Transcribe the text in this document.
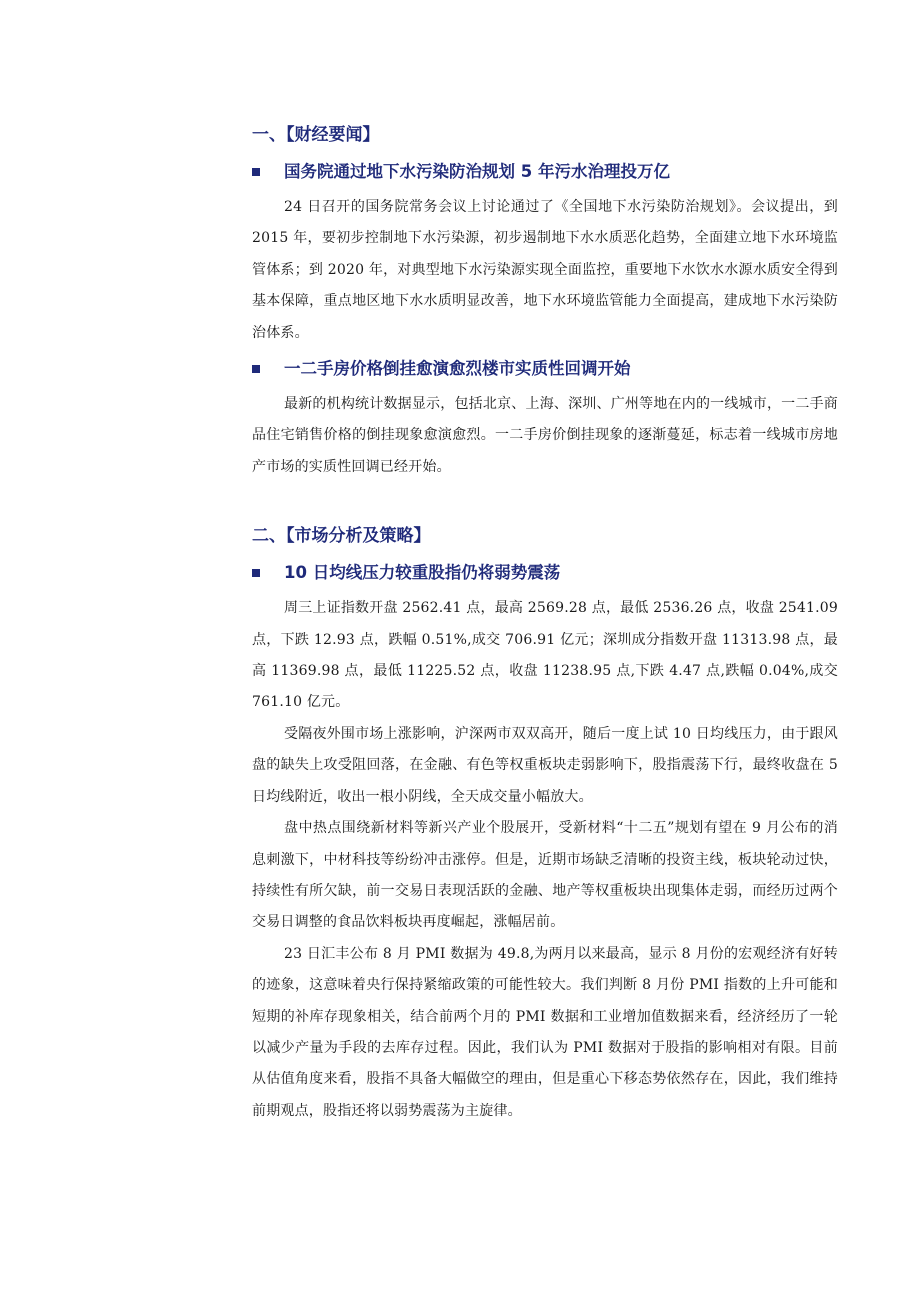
一、【财经要闻】
国务院通过地下水污染防治规划 5 年污水治理投万亿

24 日召开的国务院常务会议上讨论通过了《全国地下水污染防治规划》。会议提出，到 2015 年，要初步控制地下水污染源，初步遏制地下水水质恶化趋势，全面建立地下水环境监管体系；到 2020 年，对典型地下水污染源实现全面监控，重要地下水饮水水源水质安全得到基本保障，重点地区地下水水质明显改善，地下水环境监管能力全面提高，建成地下水污染防治体系。

一二手房价格倒挂愈演愈烈楼市实质性回调开始

最新的机构统计数据显示，包括北京、上海、深圳、广州等地在内的一线城市，一二手商品住宅销售价格的倒挂现象愈演愈烈。一二手房价倒挂现象的逐渐蔓延，标志着一线城市房地产市场的实质性回调已经开始。

二、【市场分析及策略】
10 日均线压力较重股指仍将弱势震荡

周三上证指数开盘 2562.41 点，最高 2569.28 点，最低 2536.26 点，收盘 2541.09 点，下跌 12.93 点，跌幅 0.51%,成交 706.91 亿元；深圳成分指数开盘 11313.98 点，最高 11369.98 点，最低 11225.52 点，收盘 11238.95 点,下跌 4.47 点,跌幅 0.04%,成交 761.10 亿元。

受隔夜外围市场上涨影响，沪深两市双双高开，随后一度上试 10 日均线压力，由于跟风盘的缺失上攻受阻回落，在金融、有色等权重板块走弱影响下，股指震荡下行，最终收盘在 5 日均线附近，收出一根小阴线，全天成交量小幅放大。

盘中热点围绕新材料等新兴产业个股展开，受新材料“十二五”规划有望在 9 月公布的消息刺激下，中材科技等纷纷冲击涨停。但是，近期市场缺乏清晰的投资主线，板块轮动过快，持续性有所欠缺，前一交易日表现活跃的金融、地产等权重板块出现集体走弱，而经历过两个交易日调整的食品饮料板块再度崛起，涨幅居前。

23 日汇丰公布 8 月 PMI 数据为 49.8,为两月以来最高，显示 8 月份的宏观经济有好转的迹象，这意味着央行保持紧缩政策的可能性较大。我们判断 8 月份 PMI 指数的上升可能和短期的补库存现象相关，结合前两个月的 PMI 数据和工业增加值数据来看，经济经历了一轮以减少产量为手段的去库存过程。因此，我们认为 PMI 数据对于股指的影响相对有限。目前从估值角度来看，股指不具备大幅做空的理由，但是重心下移态势依然存在，因此，我们维持前期观点，股指还将以弱势震荡为主旋律。
